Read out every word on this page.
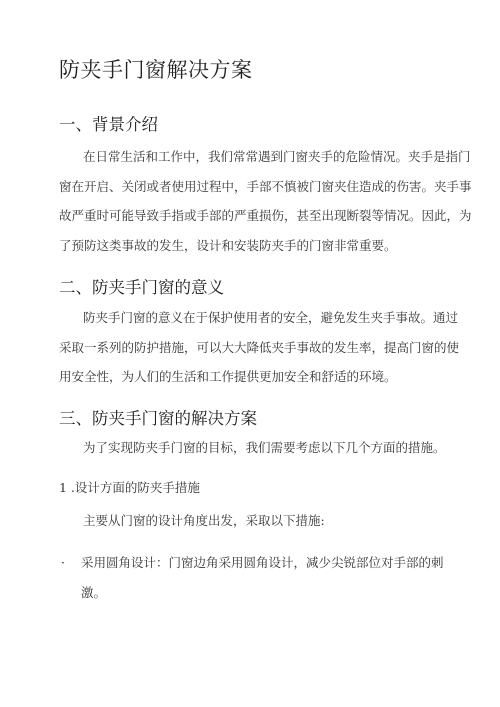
防夹手门窗解决方案
一、背景介绍

在日常生活和工作中，我们常常遇到门窗夹手的危险情况。夹手是指门
窗在开启、关闭或者使用过程中，手部不慎被门窗夹住造成的伤害。夹手事
故严重时可能导致手指或手部的严重损伤，甚至出现断裂等情况。因此，为
了预防这类事故的发生，设计和安装防夹手的门窗非常重要。

二、防夹手门窗的意义

防夹手门窗的意义在于保护使用者的安全，避免发生夹手事故。通过
采取一系列的防护措施，可以大大降低夹手事故的发生率，提高门窗的使
用安全性，为人们的生活和工作提供更加安全和舒适的环境。

三、防夹手门窗的解决方案

为了实现防夹手门窗的目标，我们需要考虑以下几个方面的措施。

1 .设计方面的防夹手措施

主要从门窗的设计角度出发，采取以下措施:

· 采用圆角设计：门窗边角采用圆角设计，减少尖锐部位对手部的刺
激。
